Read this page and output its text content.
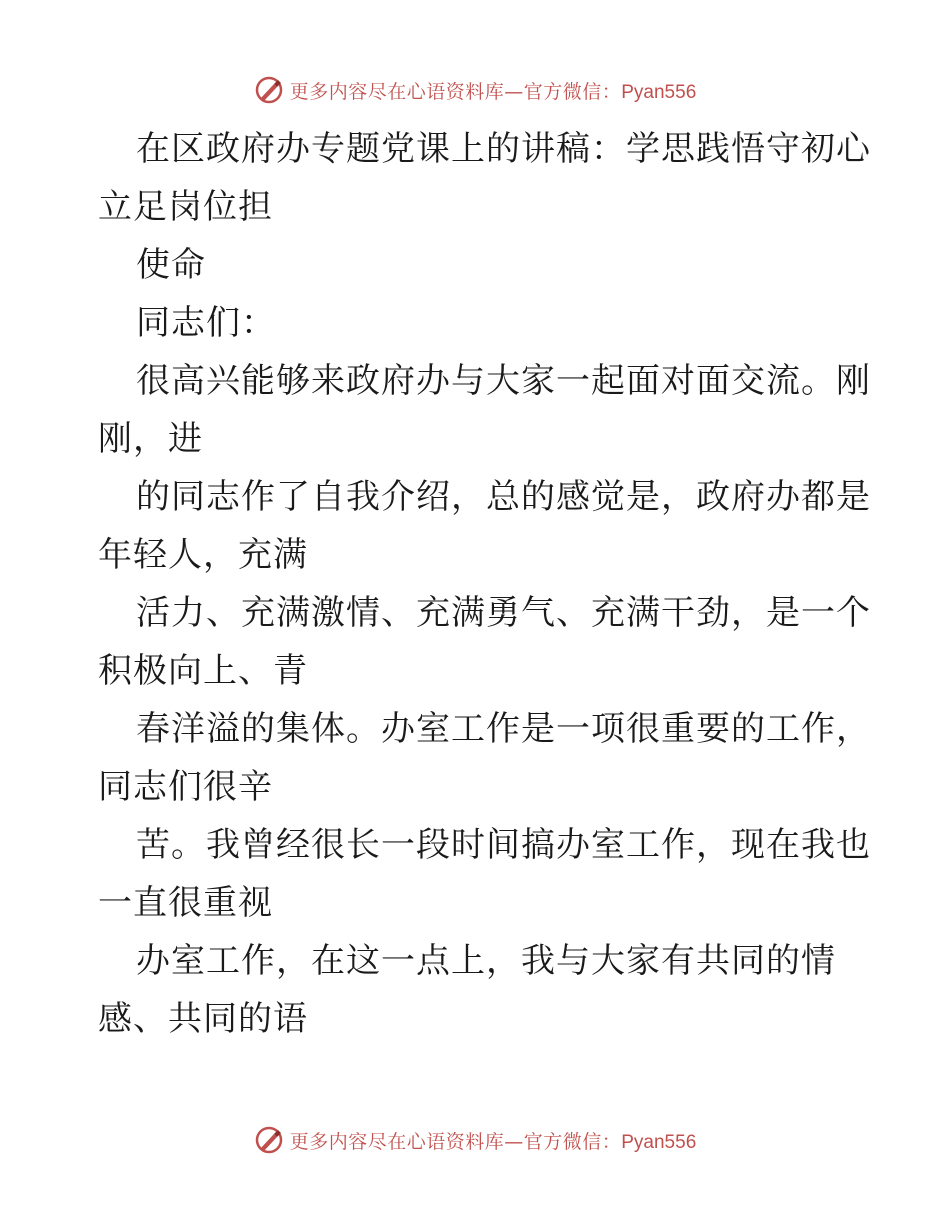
更多内容尽在心语资料库—官方微信：Pyan556
在区政府办专题党课上的讲稿：学思践悟守初心
立足岗位担
使命
同志们：
很高兴能够来政府办与大家一起面对面交流。刚
刚，进
的同志作了自我介绍，总的感觉是，政府办都是
年轻人，充满
活力、充满激情、充满勇气、充满干劲，是一个
积极向上、青
春洋溢的集体。办室工作是一项很重要的工作，
同志们很辛
苦。我曾经很长一段时间搞办室工作，现在我也
一直很重视
办室工作，在这一点上，我与大家有共同的情
感、共同的语
更多内容尽在心语资料库—官方微信：Pyan556
